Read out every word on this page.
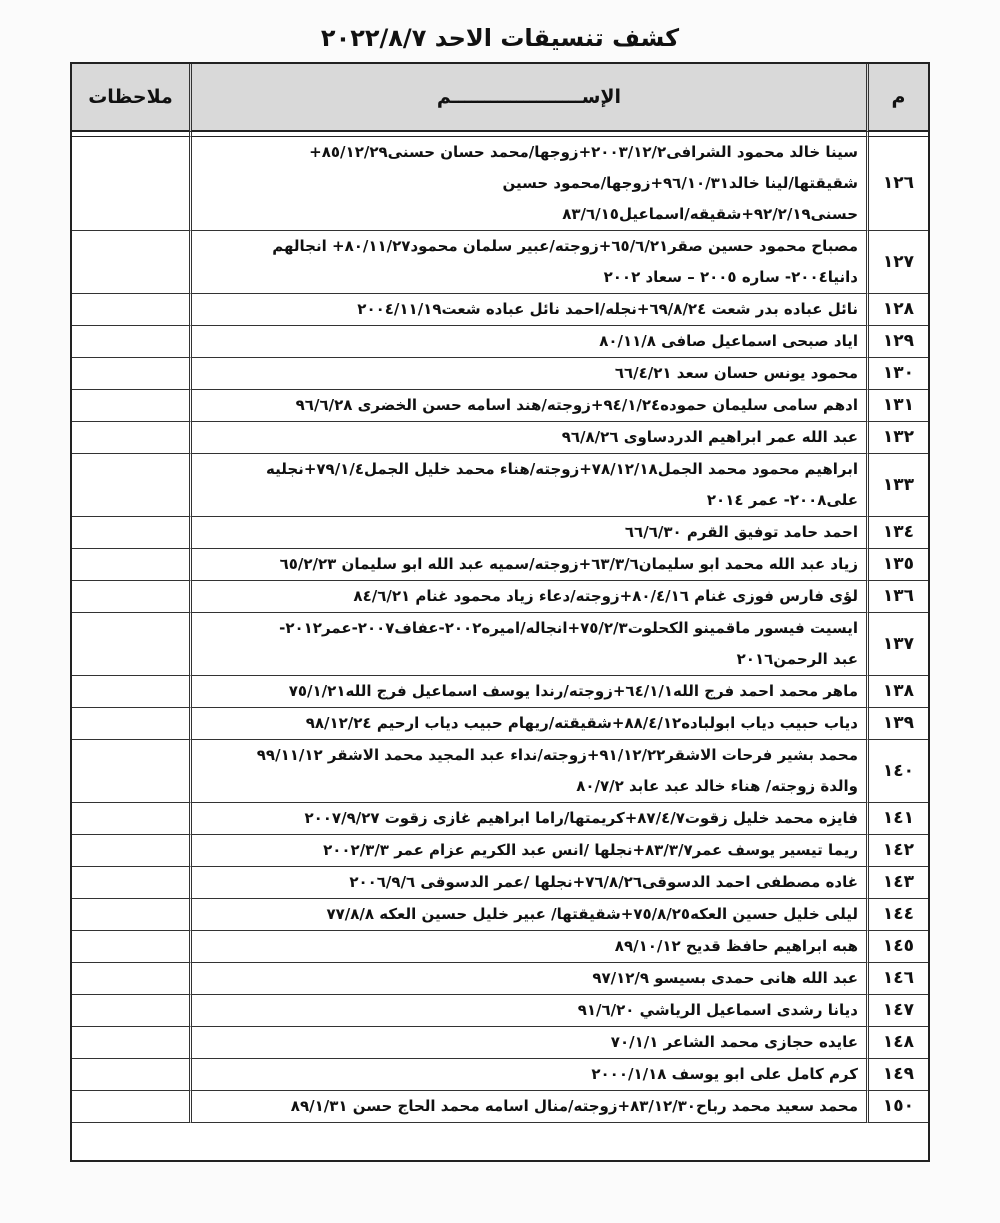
كشف تنسيقات الاحد ٢٠٢٢/٨/٧
م	الإســــــــــــــــــــم	ملاحظات

١٢٦	سينا خالد محمود الشرافى٢٠٠٣/١٢/٢+زوجها/محمد حسان حسنى٨٥/١٢/٢٩+
شقيقتها/لينا خالد٩٦/١٠/٣١+زوجها/محمود حسين
حسنى٩٢/٢/١٩+شقيقه/اسماعيل٨٣/٦/١٥	

١٢٧	مصباح محمود حسين صقر٦٥/٦/٢١+زوجته/عبير سلمان محمود٨٠/١١/٢٧+ انجالهم
دانيا٢٠٠٤- ساره ٢٠٠٥ – سعاد ٢٠٠٢	

١٢٨	نائل عباده بدر شعت ٦٩/٨/٢٤+نجله/احمد نائل عباده شعت٢٠٠٤/١١/١٩	

١٢٩	اياد صبحى اسماعيل صافى ٨٠/١١/٨	

١٣٠	محمود يونس حسان سعد ٦٦/٤/٢١	

١٣١	ادهم سامى سليمان حموده٩٤/١/٢٤+زوجته/هند اسامه حسن الخضرى ٩٦/٦/٢٨	

١٣٢	عبد الله عمر ابراهيم الدردساوى ٩٦/٨/٢٦	

١٣٣	ابراهيم محمود محمد الجمل٧٨/١٢/١٨+زوجته/هناء محمد خليل الجمل٧٩/١/٤+نجليه
على٢٠٠٨- عمر ٢٠١٤	

١٣٤	احمد حامد توفيق القرم ٦٦/٦/٣٠	

١٣٥	زياد عبد الله محمد ابو سليمان٦٣/٣/٦+زوجته/سميه عبد الله ابو سليمان ٦٥/٢/٢٣	

١٣٦	لؤى فارس فوزى غنام ٨٠/٤/١٦+زوجته/دعاء زياد محمود غنام ٨٤/٦/٢١	

١٣٧	ايسيت فيسور ماقمينو الكحلوت٧٥/٢/٣+انجاله/اميره٢٠٠٢-عفاف٢٠٠٧-عمر٢٠١٢-
عبد الرحمن٢٠١٦	

١٣٨	ماهر محمد احمد فرج الله٦٤/١/١+زوجته/رندا يوسف اسماعيل فرج الله٧٥/١/٢١	

١٣٩	دياب حبيب دياب ابولباده٨٨/٤/١٢+شقيقته/ريهام حبيب دياب ارحيم ٩٨/١٢/٢٤	

١٤٠	محمد بشير فرحات الاشقر٩١/١٢/٢٢+زوجته/نداء عبد المجيد محمد الاشقر ٩٩/١١/١٢
والدة زوجته/ هناء خالد عبد عابد ٨٠/٧/٢	

١٤١	فايزه محمد خليل زقوت٨٧/٤/٧+كريمتها/راما ابراهيم غازى زقوت ٢٠٠٧/٩/٢٧	

١٤٢	ريما تيسير يوسف عمر٨٣/٣/٧+نجلها /انس عبد الكريم عزام عمر ٢٠٠٢/٣/٣	

١٤٣	غاده مصطفى احمد الدسوقى٧٦/٨/٢٦+نجلها /عمر الدسوقى ٢٠٠٦/٩/٦	

١٤٤	ليلى خليل حسين العكه٧٥/٨/٢٥+شقيقتها/ عبير خليل حسين العكه ٧٧/٨/٨	

١٤٥	هبه ابراهيم حافظ قديح ٨٩/١٠/١٢	

١٤٦	عبد الله هانى حمدى بسيسو ٩٧/١٢/٩	

١٤٧	ديانا رشدى اسماعيل الرياشي ٩١/٦/٢٠	

١٤٨	عايده حجازى محمد الشاعر ٧٠/١/١	

١٤٩	كرم كامل على ابو يوسف ٢٠٠٠/١/١٨	

١٥٠	محمد سعيد محمد رباح٨٣/١٢/٣٠+زوجته/منال اسامه محمد الحاج حسن ٨٩/١/٣١	
